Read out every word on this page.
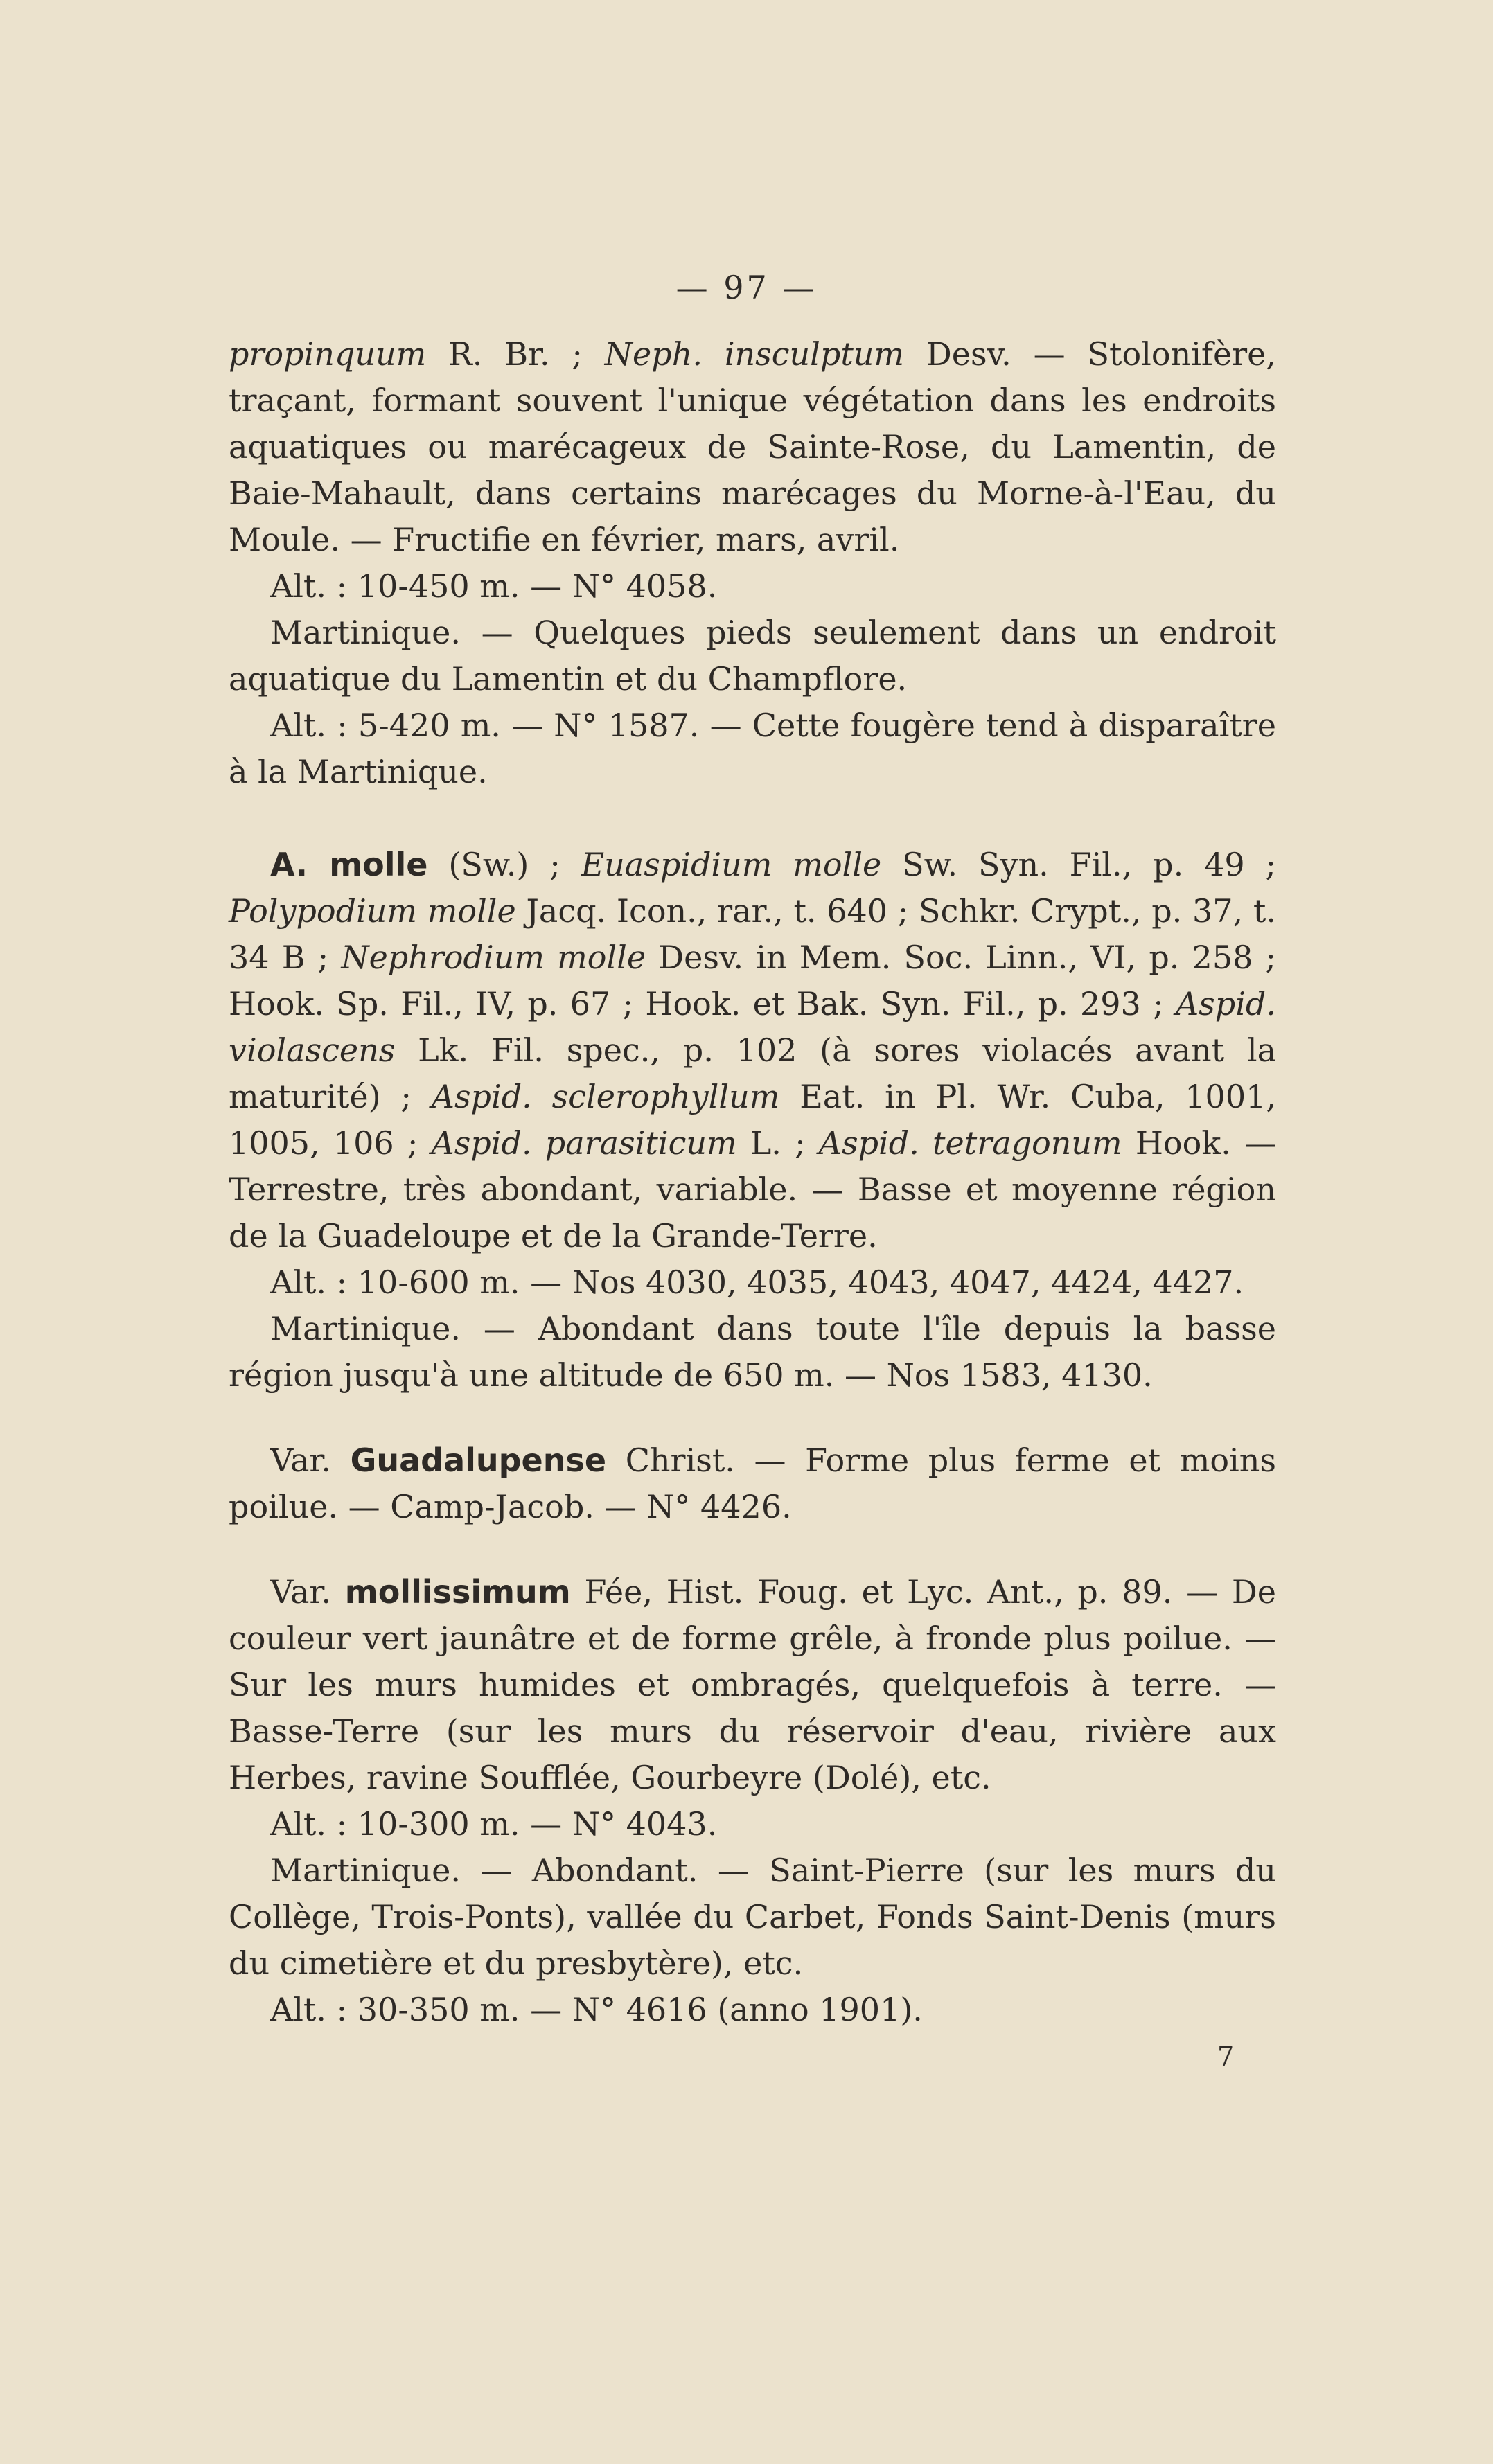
— 97 —

propinquum R. Br. ; Neph. insculptum Desv. — Stolonifère, traçant, formant souvent l'unique végétation dans les endroits aquatiques ou marécageux de Sainte-Rose, du Lamentin, de Baie-Mahault, dans certains marécages du Morne-à-l'Eau, du Moule. — Fructifie en février, mars, avril.

Alt. : 10-450 m. — N° 4058.

Martinique. — Quelques pieds seulement dans un endroit aquatique du Lamentin et du Champflore.

Alt. : 5-420 m. — N° 1587. — Cette fougère tend à disparaître à la Martinique.

A. molle (Sw.) ; Euaspidium molle Sw. Syn. Fil., p. 49 ; Polypodium molle Jacq. Icon., rar., t. 640 ; Schkr. Crypt., p. 37, t. 34 B ; Nephrodium molle Desv. in Mem. Soc. Linn., VI, p. 258 ; Hook. Sp. Fil., IV, p. 67 ; Hook. et Bak. Syn. Fil., p. 293 ; Aspid. violascens Lk. Fil. spec., p. 102 (à sores violacés avant la maturité) ; Aspid. sclerophyllum Eat. in Pl. Wr. Cuba, 1001, 1005, 106 ; Aspid. parasiticum L. ; Aspid. tetragonum Hook. — Terrestre, très abondant, variable. — Basse et moyenne région de la Guadeloupe et de la Grande-Terre.

Alt. : 10-600 m. — Nos 4030, 4035, 4043, 4047, 4424, 4427.

Martinique. — Abondant dans toute l'île depuis la basse région jusqu'à une altitude de 650 m. — Nos 1583, 4130.

Var. Guadalupense Christ. — Forme plus ferme et moins poilue. — Camp-Jacob. — N° 4426.

Var. mollissimum Fée, Hist. Foug. et Lyc. Ant., p. 89. — De couleur vert jaunâtre et de forme grêle, à fronde plus poilue. — Sur les murs humides et ombragés, quelquefois à terre. — Basse-Terre (sur les murs du réservoir d'eau, rivière aux Herbes, ravine Soufflée, Gourbeyre (Dolé), etc.

Alt. : 10-300 m. — N° 4043.

Martinique. — Abondant. — Saint-Pierre (sur les murs du Collège, Trois-Ponts), vallée du Carbet, Fonds Saint-Denis (murs du cimetière et du presbytère), etc.

Alt. : 30-350 m. — N° 4616 (anno 1901).

7
